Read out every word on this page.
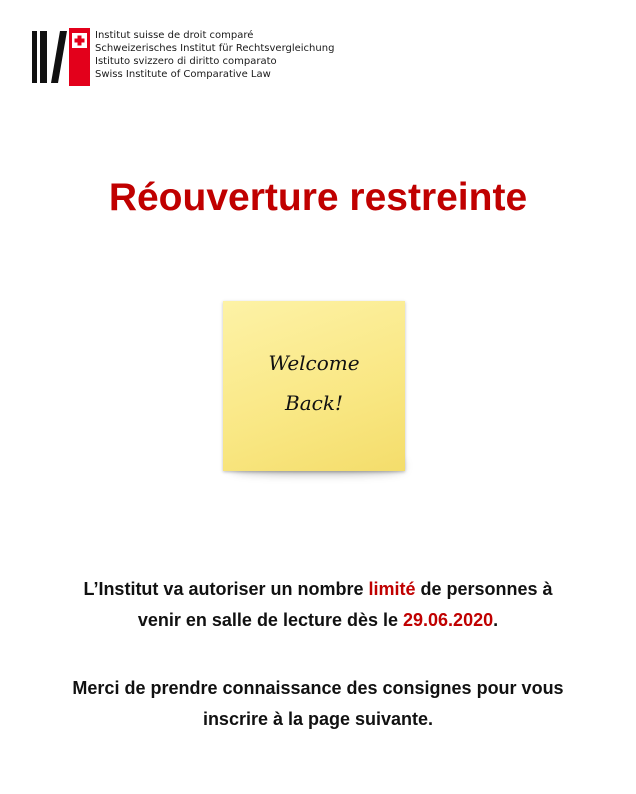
Institut suisse de droit comparé
Schweizerisches Institut für Rechtsvergleichung
Istituto svizzero di diritto comparato
Swiss Institute of Comparative Law
Réouverture restreinte
Welcome
Back!
L’Institut va autoriser un nombre limité de personnes à
venir en salle de lecture dès le 29.06.2020.
Merci de prendre connaissance des consignes pour vous
inscrire à la page suivante.
